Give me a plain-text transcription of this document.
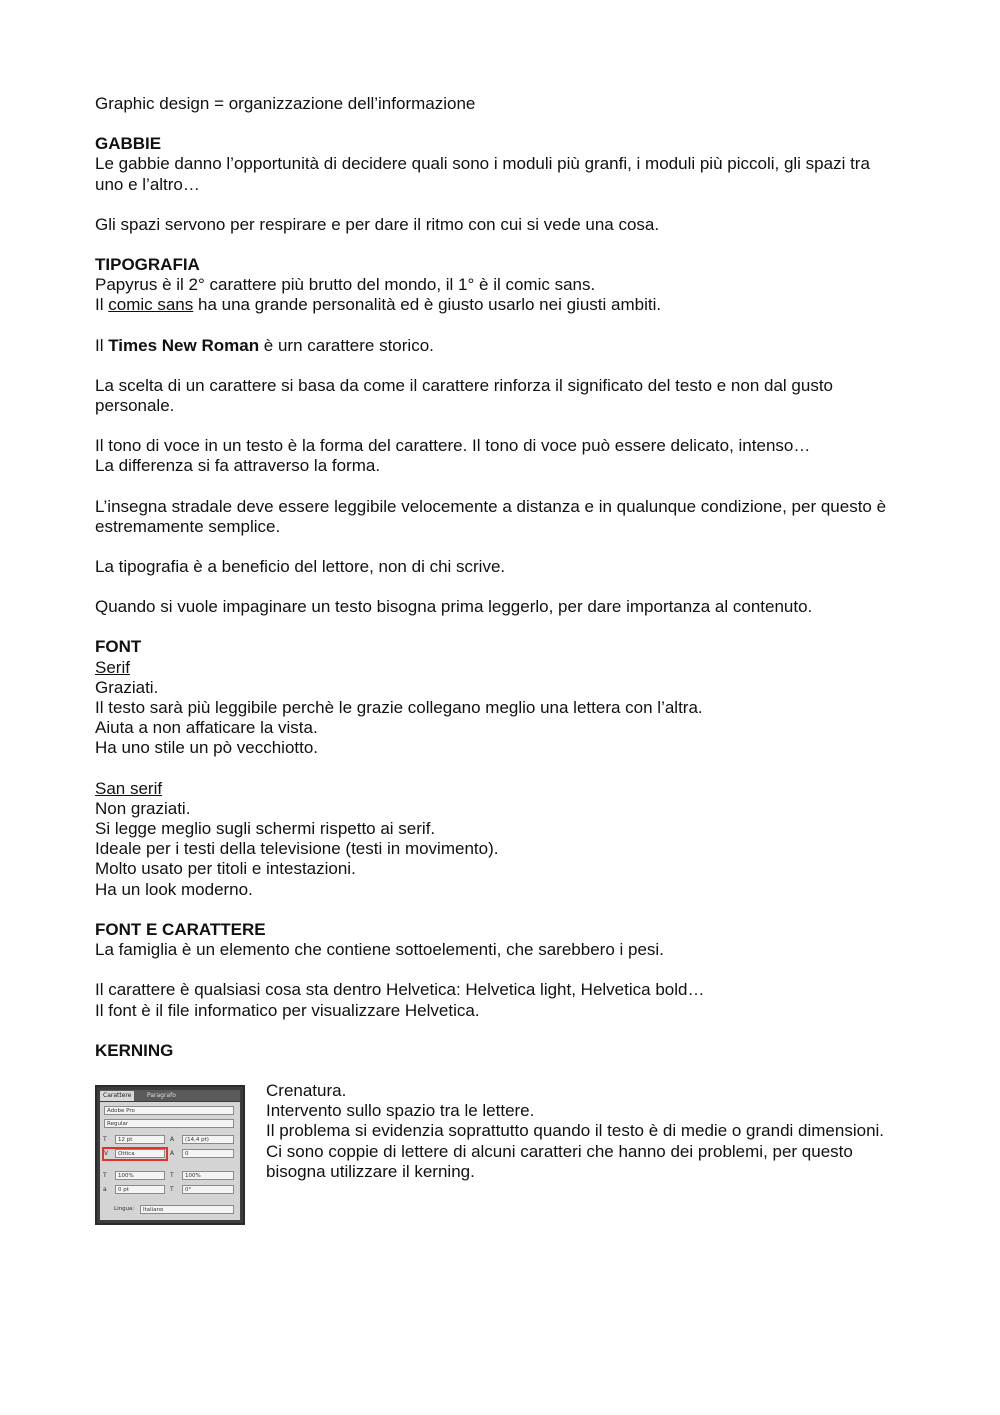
Graphic design = organizzazione dell’informazione

GABBIE

Le gabbie danno l’opportunità di decidere quali sono i moduli più granfi, i moduli più piccoli, gli spazi tra uno e l’altro…

Gli spazi servono per respirare e per dare il ritmo con cui si vede una cosa.

TIPOGRAFIA

Papyrus è il 2° carattere più brutto del mondo, il 1° è il comic sans.

Il comic sans ha una grande personalità ed è giusto usarlo nei giusti ambiti.

Il Times New Roman è urn carattere storico.

La scelta di un carattere si basa da come il carattere rinforza il significato del testo e non dal gusto personale.

Il tono di voce in un testo è la forma del carattere. Il tono di voce può essere delicato, intenso…

La differenza si fa attraverso la forma.

L’insegna stradale deve essere leggibile velocemente a distanza e in qualunque condizione, per questo è estremamente semplice.

La tipografia è a beneficio del lettore, non di chi scrive.

Quando si vuole impaginare un testo bisogna prima leggerlo, per dare importanza al contenuto.

FONT

Serif

Graziati.

Il testo sarà più leggibile perchè le grazie collegano meglio una lettera con l’altra.

Aiuta a non affaticare la vista.

Ha uno stile un pò vecchiotto.

San serif

Non graziati.

Si legge meglio sugli schermi rispetto ai serif.

Ideale per i testi della televisione (testi in movimento).

Molto usato per titoli e intestazioni.

Ha un look moderno.

FONT E CARATTERE

La famiglia è un elemento che contiene sottoelementi, che sarebbero i pesi.

Il carattere è qualsiasi cosa sta dentro Helvetica: Helvetica light, Helvetica bold…

Il font è il file informatico per visualizzare Helvetica.

KERNING

Carattere	Paragrafo
Adobe Pro
Regular
T	12 pt	A	(14,4 pt)
V	Ottica	A	0
T	100%	T	100%
a	0 pt	T	0°
Lingua:	Italiano

Crenatura.

Intervento sullo spazio tra le lettere.

Il problema si evidenzia soprattutto quando il testo è di medie o grandi dimensioni.

Ci sono coppie di lettere di alcuni caratteri che hanno dei problemi, per questo bisogna utilizzare il kerning.
